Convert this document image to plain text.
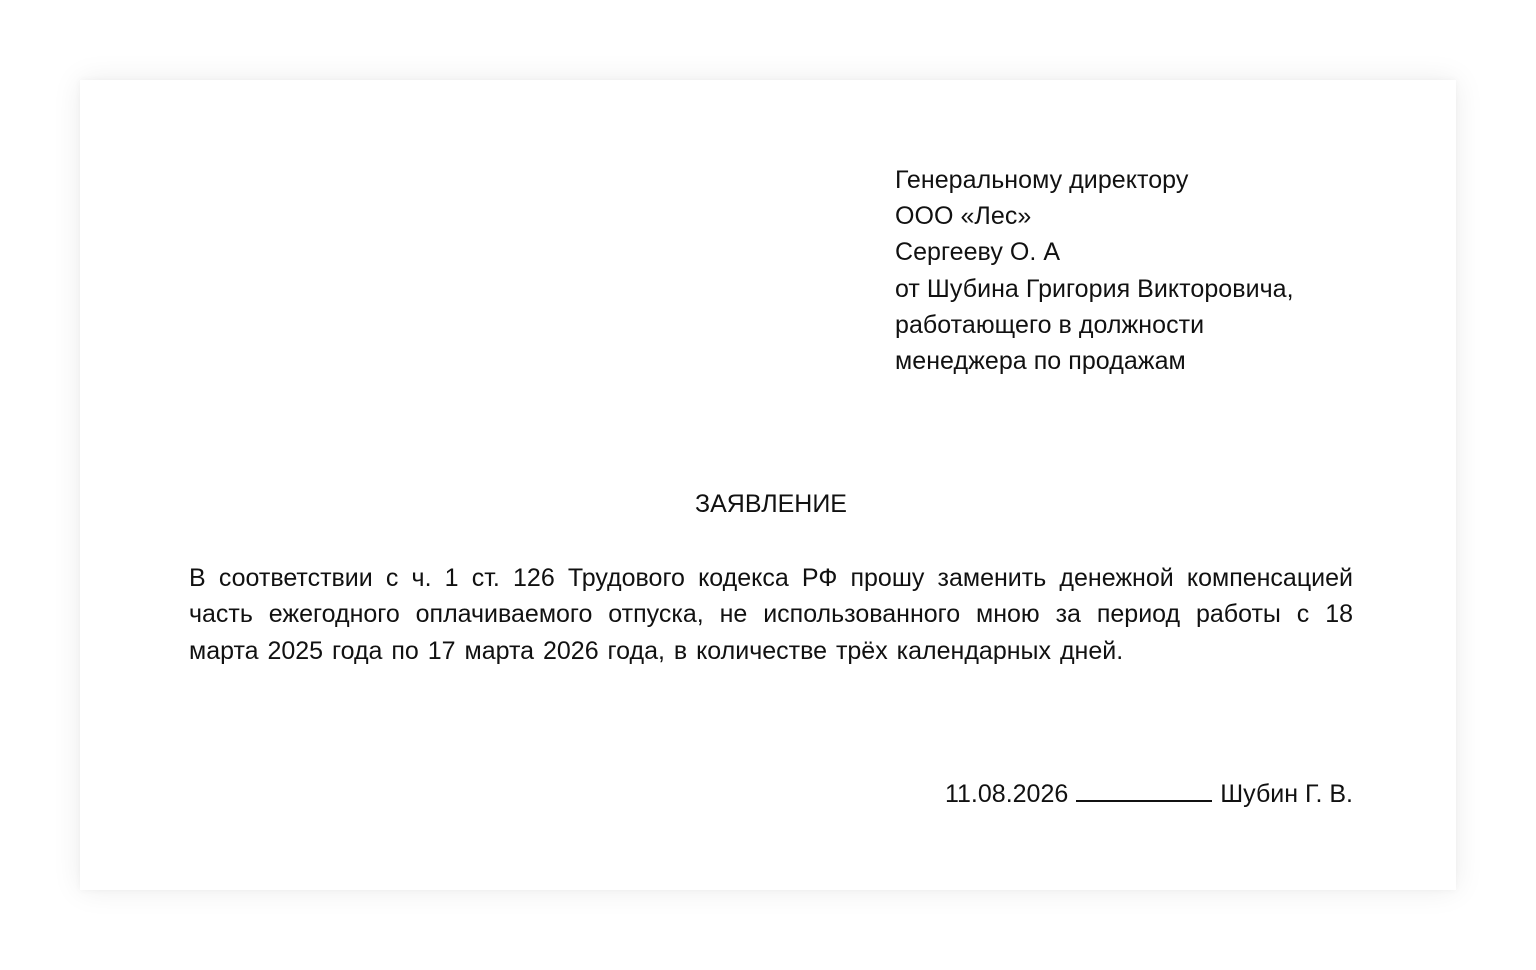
Генеральному директору
ООО «Лес»
Сергееву О. А
от Шубина Григория Викторовича,
работающего в должности
менеджера по продажам
ЗАЯВЛЕНИЕ
В соответствии с ч. 1 ст. 126 Трудового кодекса РФ прошу заменить денежной компенсацией часть ежегодного оплачиваемого отпуска, не использованного мною за период работы с 18 марта 2025 года по 17 марта 2026 года, в количестве трёх календарных дней.
11.08.2026	Шубин Г. В.
